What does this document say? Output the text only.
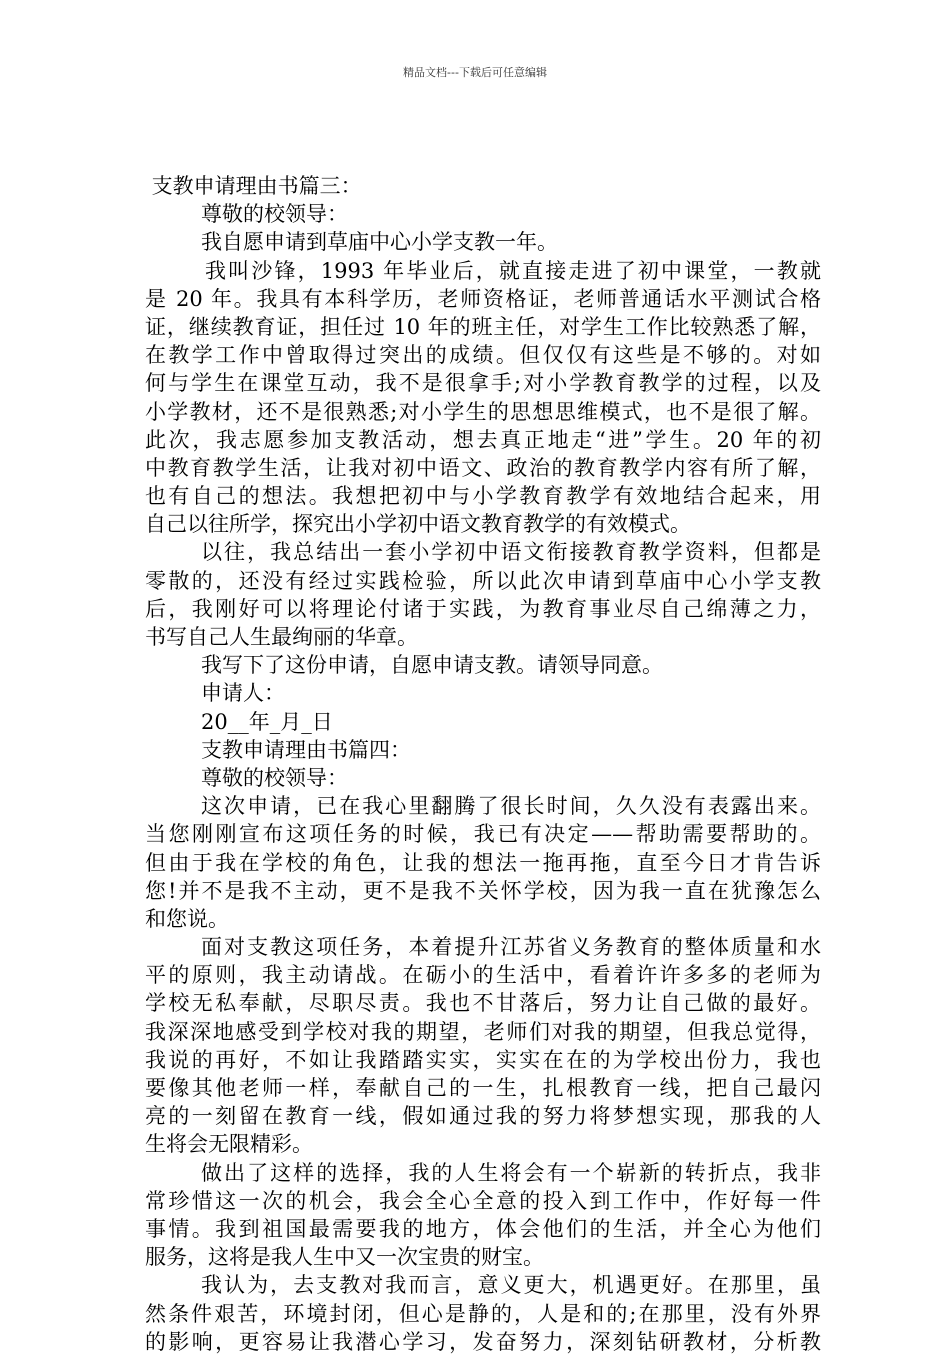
精品文档---下载后可任意编辑
支教申请理由书篇三：
尊敬的校领导：
我自愿申请到草庙中心小学支教一年。
我叫沙锋，1993 年毕业后，就直接走进了初中课堂，一教就
是 20 年。我具有本科学历，老师资格证，老师普通话水平测试合格
证，继续教育证，担任过 10 年的班主任，对学生工作比较熟悉了解，
在教学工作中曾取得过突出的成绩。但仅仅有这些是不够的。对如
何与学生在课堂互动，我不是很拿手;对小学教育教学的过程，以及
小学教材，还不是很熟悉;对小学生的思想思维模式，也不是很了解。
此次，我志愿参加支教活动，想去真正地走“进”学生。20 年的初
中教育教学生活，让我对初中语文、政治的教育教学内容有所了解，
也有自己的想法。我想把初中与小学教育教学有效地结合起来，用
自己以往所学，探究出小学初中语文教育教学的有效模式。
以往，我总结出一套小学初中语文衔接教育教学资料，但都是
零散的，还没有经过实践检验，所以此次申请到草庙中心小学支教
后，我刚好可以将理论付诸于实践，为教育事业尽自己绵薄之力，
书写自己人生最绚丽的华章。
我写下了这份申请，自愿申请支教。请领导同意。
申请人：
20__年_月_日
支教申请理由书篇四：
尊敬的校领导：
这次申请，已在我心里翻腾了很长时间，久久没有表露出来。
当您刚刚宣布这项任务的时候，我已有决定——帮助需要帮助的。
但由于我在学校的角色，让我的想法一拖再拖，直至今日才肯告诉
您!并不是我不主动，更不是我不关怀学校，因为我一直在犹豫怎么
和您说。
面对支教这项任务，本着提升江苏省义务教育的整体质量和水
平的原则，我主动请战。在砺小的生活中，看着许许多多的老师为
学校无私奉献，尽职尽责。我也不甘落后，努力让自己做的最好。
我深深地感受到学校对我的期望，老师们对我的期望，但我总觉得，
我说的再好，不如让我踏踏实实，实实在在的为学校出份力，我也
要像其他老师一样，奉献自己的一生，扎根教育一线，把自己最闪
亮的一刻留在教育一线，假如通过我的努力将梦想实现，那我的人
生将会无限精彩。
做出了这样的选择，我的人生将会有一个崭新的转折点，我非
常珍惜这一次的机会，我会全心全意的投入到工作中，作好每一件
事情。我到祖国最需要我的地方，体会他们的生活，并全心为他们
服务，这将是我人生中又一次宝贵的财宝。
我认为，去支教对我而言，意义更大，机遇更好。在那里，虽
然条件艰苦，环境封闭，但心是静的，人是和的;在那里，没有外界
的影响，更容易让我潜心学习，发奋努力，深刻钻研教材，分析教
